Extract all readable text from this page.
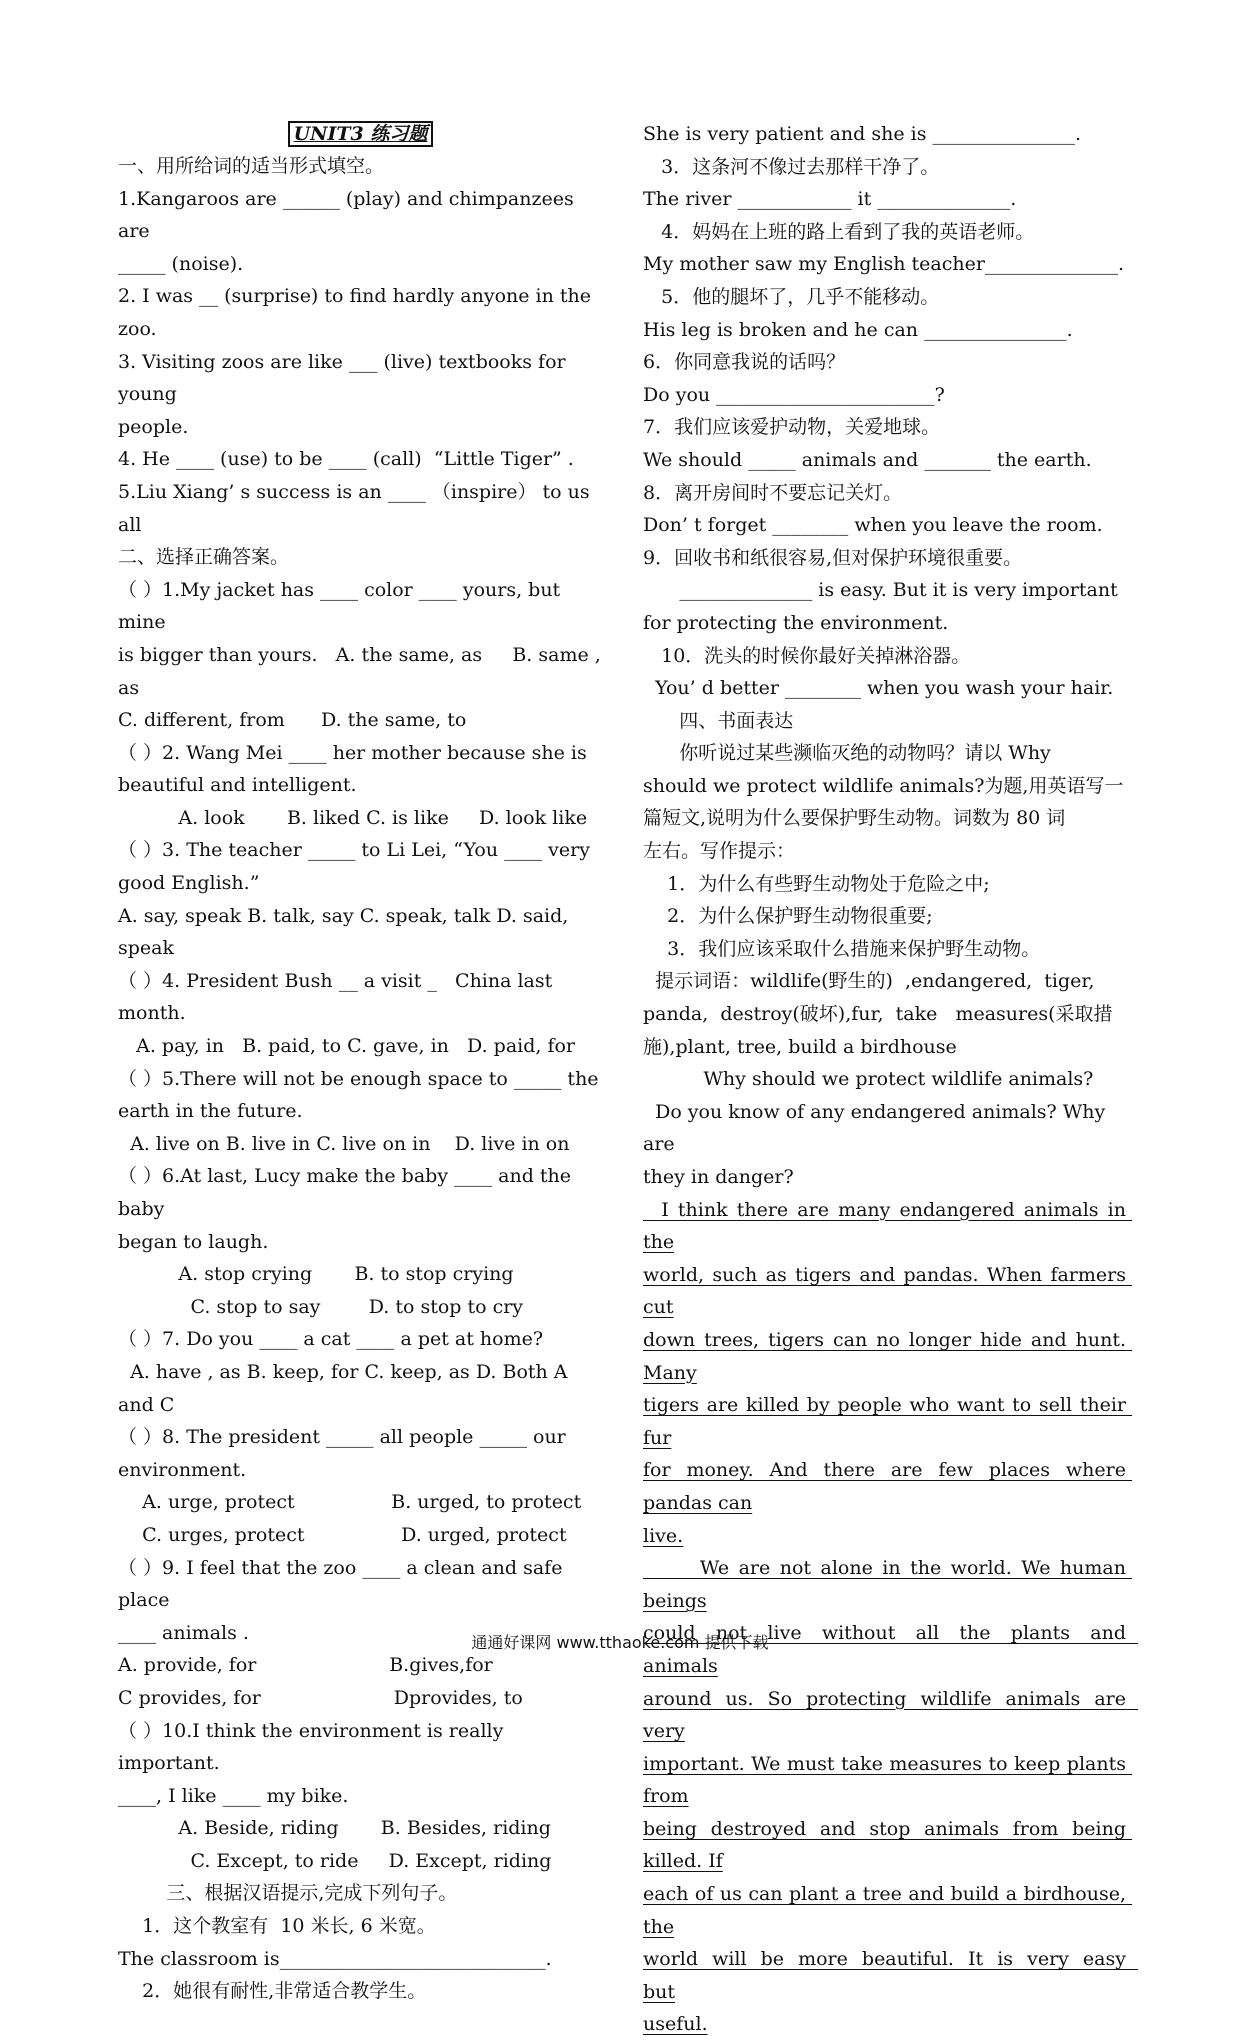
UNIT3 练习题
一、用所给词的适当形式填空。
1.Kangaroos are ______ (play) and chimpanzees are
_____ (noise).
2. I was __ (surprise) to find hardly anyone in the zoo.
3. Visiting zoos are like ___ (live) textbooks for young
people.
4. He ____ (use) to be ____ (call)  “Little Tiger” .
5.Liu Xiang’ s success is an ____ （inspire） to us all
二、选择正确答案。
（ ）1.My jacket has ____ color ____ yours, but mine
is bigger than yours.   A. the same, as     B. same , as
C. different, from      D. the same, to
（ ）2. Wang Mei ____ her mother because she is
beautiful and intelligent.
A. look       B. liked C. is like     D. look like
（ ）3. The teacher _____ to Li Lei, “You ____ very
good English.”
A. say, speak B. talk, say C. speak, talk D. said, speak
（ ）4. President Bush __ a visit _   China last month.
A. pay, in   B. paid, to C. gave, in   D. paid, for
（ ）5.There will not be enough space to _____ the
earth in the future.
A. live on B. live in C. live on in    D. live in on
（ ）6.At last, Lucy make the baby ____ and the baby
began to laugh.
A. stop crying       B. to stop crying
C. stop to say        D. to stop to cry
（ ）7. Do you ____ a cat ____ a pet at home?
A. have , as B. keep, for C. keep, as D. Both A and C
（ ）8. The president _____ all people _____ our
environment.
A. urge, protect                B. urged, to protect
C. urges, protect                D. urged, protect
（ ）9. I feel that the zoo ____ a clean and safe place
____ animals .
A. provide, for                      B.gives,for
C provides, for                      Dprovides, to
（ ）10.I think the environment is really important.
____, I like ____ my bike.
A. Beside, riding       B. Besides, riding
C. Except, to ride     D. Except, riding
三、根据汉语提示,完成下列句子。
1．这个教室有  10 米长, 6 米宽。
The classroom is____________________________.
2．她很有耐性,非常适合教学生。
She is very patient and she is _______________.
3．这条河不像过去那样干净了。
The river ____________ it ______________.
4．妈妈在上班的路上看到了我的英语老师。
My mother saw my English teacher______________.
5．他的腿坏了，几乎不能移动。
His leg is broken and he can _______________.
6．你同意我说的话吗？
Do you _______________________?
7．我们应该爱护动物，关爱地球。
We should _____ animals and _______ the earth.
8．离开房间时不要忘记关灯。
Don’ t forget ________ when you leave the room.
9．回收书和纸很容易,但对保护环境很重要。
______________ is easy. But it is very important
for protecting the environment.
10．洗头的时候你最好关掉淋浴器。
You’ d better ________ when you wash your hair.
四、书面表达
你听说过某些濒临灭绝的动物吗？请以 Why
should we protect wildlife animals?为题,用英语写一
篇短文,说明为什么要保护野生动物。词数为 80 词
左右。写作提示：
1．为什么有些野生动物处于危险之中;
2．为什么保护野生动物很重要;
3．我们应该采取什么措施来保护野生动物。
提示词语：wildlife(野生的)  ,endangered,  tiger,
panda,  destroy(破坏),fur,  take   measures(采取措
施),plant, tree, build a birdhouse
Why should we protect wildlife animals?
Do you know of any endangered animals? Why are
they in danger?
I think there are many endangered animals in the
world, such as tigers and pandas. When farmers cut
down trees, tigers can no longer hide and hunt. Many
tigers are killed by people who want to sell their fur
for money. And there are few places where pandas can
live.
We are not alone in the world. We human beings
could  not  live  without  all  the  plants  and  animals
around  us.  So  protecting  wildlife  animals  are  very
important. We must take measures to keep plants from
being destroyed and stop animals from being killed. If
each of us can plant a tree and build a birdhouse, the
world  will  be  more  beautiful.  It  is  very  easy  but
useful.
通通好课网 www.tthaoke.com 提供下载
